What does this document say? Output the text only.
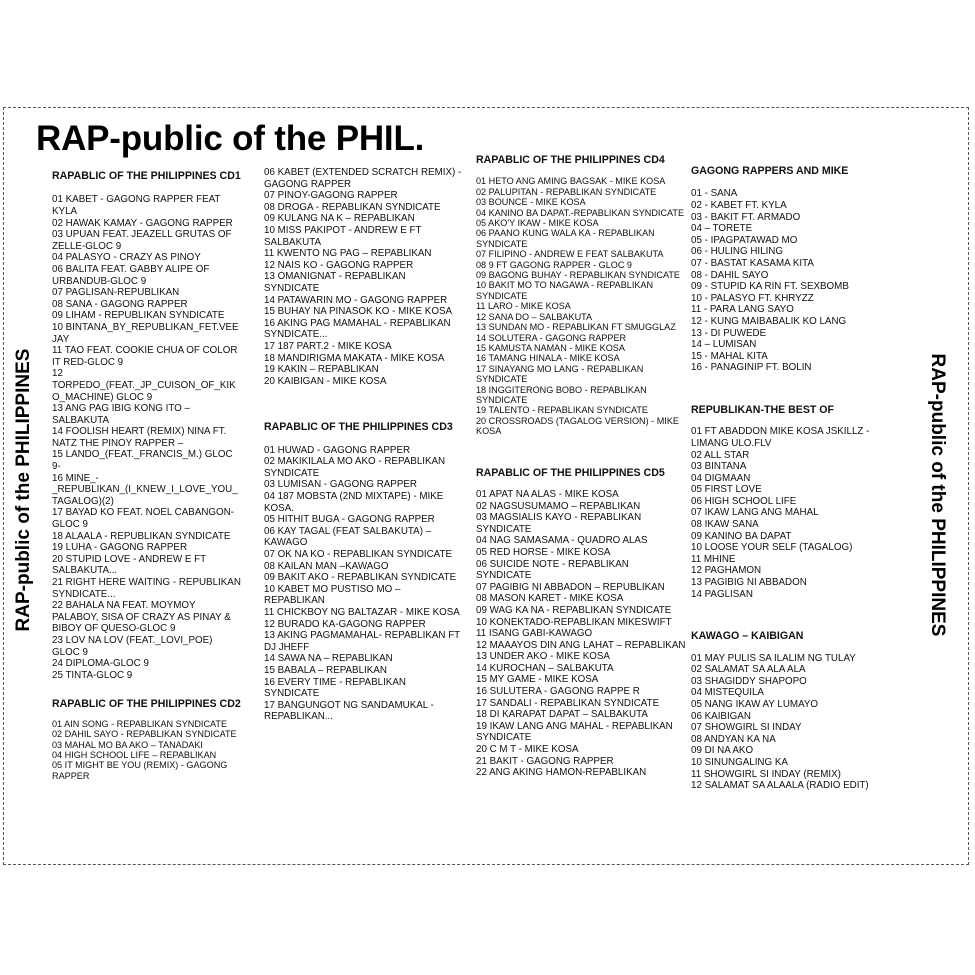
RAP-public of the PHIL.
RAP-public of the PHILIPPINES	RAP-public of the PHILIPPINES
RAPABLIC OF THE PHILIPPINES CD1
01 KABET - GAGONG RAPPER FEAT KYLA
02 HAWAK KAMAY - GAGONG RAPPER
03 UPUAN FEAT. JEAZELL GRUTAS OF ZELLE-GLOC 9
04 PALASYO - CRAZY AS PINOY
06 BALITA FEAT. GABBY ALIPE OF URBANDUB-GLOC 9
07 PAGLISAN-REPUBLIKAN
08 SANA - GAGONG RAPPER
09 LIHAM - REPUBLIKAN SYNDICATE
10 BINTANA_BY_REPUBLIKAN_FET.VEE JAY
11 TAO FEAT. COOKIE CHUA OF COLOR IT RED-GLOC 9
12 TORPEDO_(FEAT._JP_CUISON_OF_KIKO_MACHINE) GLOC 9
13 ANG PAG IBIG KONG ITO – SALBAKUTA
14 FOOLISH HEART (REMIX) NINA FT. NATZ THE PINOY RAPPER –
15 LANDO_(FEAT._FRANCIS_M.) GLOC 9-
16 MINE_-_REPUBLIKAN_(I_KNEW_I_LOVE_YOU_TAGALOG)(2)
17 BAYAD KO FEAT. NOEL CABANGON-GLOC 9
18 ALAALA - REPUBLIKAN SYNDICATE
19 LUHA - GAGONG RAPPER
20 STUPID LOVE - ANDREW E FT SALBAKUTA...
21 RIGHT HERE WAITING - REPUBLIKAN SYNDICATE...
22 BAHALA NA FEAT. MOYMOY PALABOY, SISA OF CRAZY AS PINAY & BIBOY OF QUESO-GLOC 9
23 LOV NA LOV (FEAT._LOVI_POE) GLOC 9
24 DIPLOMA-GLOC 9
25 TINTA-GLOC 9
RAPABLIC OF THE PHILIPPINES CD2
01 AIN SONG - REPABLIKAN SYNDICATE
02 DAHIL SAYO - REPABLIKAN SYNDICATE
03 MAHAL MO BA AKO – TANADAKI
04 HIGH SCHOOL LIFE – REPABLIKAN
05 IT MIGHT BE YOU (REMIX) - GAGONG RAPPER
06 KABET (EXTENDED SCRATCH REMIX) - GAGONG RAPPER
07 PINOY-GAGONG RAPPER
08 DROGA - REPABLIKAN SYNDICATE
09 KULANG NA K – REPABLIKAN
10 MISS PAKIPOT - ANDREW E FT SALBAKUTA
11 KWENTO NG PAG – REPABLIKAN
12 NAIS KO - GAGONG RAPPER
13 OMANIGNAT - REPABLIKAN SYNDICATE
14 PATAWARIN MO - GAGONG RAPPER
15 BUHAY NA PINASOK KO - MIKE KOSA
16 AKING PAG MAMAHAL - REPABLIKAN SYNDICATE...
17 187 PART.2 - MIKE KOSA
18 MANDIRIGMA MAKATA - MIKE KOSA
19 KAKIN – REPABLIKAN
20 KAIBIGAN - MIKE KOSA
RAPABLIC OF THE PHILIPPINES CD3
01 HUWAD - GAGONG RAPPER
02 MAKIKILALA MO AKO - REPABLIKAN SYNDICATE
03 LUMISAN - GAGONG RAPPER
04 187 MOBSTA (2ND MIXTAPE) - MIKE KOSA.
05 HITHIT BUGA - GAGONG RAPPER
06 KAY TAGAL (FEAT SALBAKUTA) – KAWAGO
07 OK NA KO - REPABLIKAN SYNDICATE
08 KAILAN MAN –KAWAGO
09 BAKIT AKO - REPABLIKAN SYNDICATE
10 KABET MO PUSTISO MO – REPABLIKAN
11 CHICKBOY NG BALTAZAR - MIKE KOSA
12 BURADO KA-GAGONG RAPPER
13 AKING PAGMAMAHAL- REPABLIKAN FT DJ JHEFF
14 SAWA NA – REPABLIKAN
15 BABALA – REPABLIKAN
16 EVERY TIME - REPABLIKAN SYNDICATE
17 BANGUNGOT NG SANDAMUKAL - REPABLIKAN...
RAPABLIC OF THE PHILIPPINES CD4
01 HETO ANG AMING BAGSAK - MIKE KOSA
02 PALUPITAN - REPABLIKAN SYNDICATE
03 BOUNCE - MIKE KOSA
04 KANINO BA DAPAT.-REPABLIKAN SYNDICATE
05 AKO'Y IKAW - MIKE KOSA
06 PAANO KUNG WALA KA - REPABLIKAN SYNDICATE
07 FILIPINO - ANDREW E FEAT SALBAKUTA
08 9 FT GAGONG RAPPER - GLOC 9
09 BAGONG BUHAY - REPABLIKAN SYNDICATE
10 BAKIT MO TO NAGAWA - REPABLIKAN SYNDICATE
11 LARO - MIKE KOSA
12 SANA DO – SALBAKUTA
13 SUNDAN MO - REPABLIKAN FT SMUGGLAZ
14 SOLUTERA - GAGONG RAPPER
15 KAMUSTA NAMAN - MIKE KOSA
16 TAMANG HINALA - MIKE KOSA
17 SINAYANG MO LANG - REPABLIKAN SYNDICATE
18 INGGITERONG BOBO - REPABLIKAN SYNDICATE
19 TALENTO - REPABLIKAN SYNDICATE
20 CROSSROADS (TAGALOG VERSION) - MIKE KOSA
RAPABLIC OF THE PHILIPPINES CD5
01 APAT NA ALAS - MIKE KOSA
02 NAGSUSUMAMO – REPABLIKAN
03 MAGSIALIS KAYO - REPABLIKAN SYNDICATE
04 NAG SAMASAMA - QUADRO ALAS
05 RED HORSE - MIKE KOSA
06 SUICIDE NOTE - REPABLIKAN SYNDICATE
07 PAGIBIG NI ABBADON – REPUBLIKAN
08 MASON KARET - MIKE KOSA
09 WAG KA NA - REPABLIKAN SYNDICATE
10 KONEKTADO-REPABLIKAN MIKESWIFT
11 ISANG GABI-KAWAGO
12 MAAAYOS DIN ANG LAHAT – REPABLIKAN
13 UNDER AKO - MIKE KOSA
14 KUROCHAN – SALBAKUTA
15 MY GAME - MIKE KOSA
16 SULUTERA - GAGONG RAPPE R
17 SANDALI - REPABLIKAN SYNDICATE
18 DI KARAPAT DAPAT – SALBAKUTA
19 IKAW LANG ANG MAHAL - REPABLIKAN SYNDICATE
20 C M T - MIKE KOSA
21 BAKIT - GAGONG RAPPER
22 ANG AKING HAMON-REPABLIKAN
GAGONG RAPPERS AND MIKE
01 - SANA
02 - KABET FT. KYLA
03 - BAKIT FT. ARMADO
04 – TORETE
05 - IPAGPATAWAD MO
06 - HULING HILING
07 - BASTAT KASAMA KITA
08 - DAHIL SAYO
09 - STUPID KA RIN FT. SEXBOMB
10 - PALASYO FT. KHRYZZ
11 - PARA LANG SAYO
12 - KUNG MAIBABALIK KO LANG
13 - DI PUWEDE
14 – LUMISAN
15 - MAHAL KITA
16 - PANAGINIP FT. BOLIN
REPUBLIKAN-THE BEST OF
01 FT ABADDON MIKE KOSA JSKILLZ - LIMANG ULO.FLV
02 ALL STAR
03 BINTANA
04 DIGMAAN
05 FIRST LOVE
06 HIGH SCHOOL LIFE
07 IKAW LANG ANG MAHAL
08 IKAW SANA
09 KANINO BA DAPAT
10 LOOSE YOUR SELF (TAGALOG)
11 MHINE
12 PAGHAMON
13 PAGIBIG NI ABBADON
14 PAGLISAN
KAWAGO – KAIBIGAN
01 MAY PULIS SA ILALIM NG TULAY
02 SALAMAT SA ALA ALA
03 SHAGIDDY SHAPOPO
04 MISTEQUILA
05 NANG IKAW AY LUMAYO
06 KAIBIGAN
07 SHOWGIRL SI INDAY
08 ANDYAN KA NA
09 DI NA AKO
10 SINUNGALING KA
11 SHOWGIRL SI INDAY (REMIX)
12 SALAMAT SA ALAALA (RADIO EDIT)
